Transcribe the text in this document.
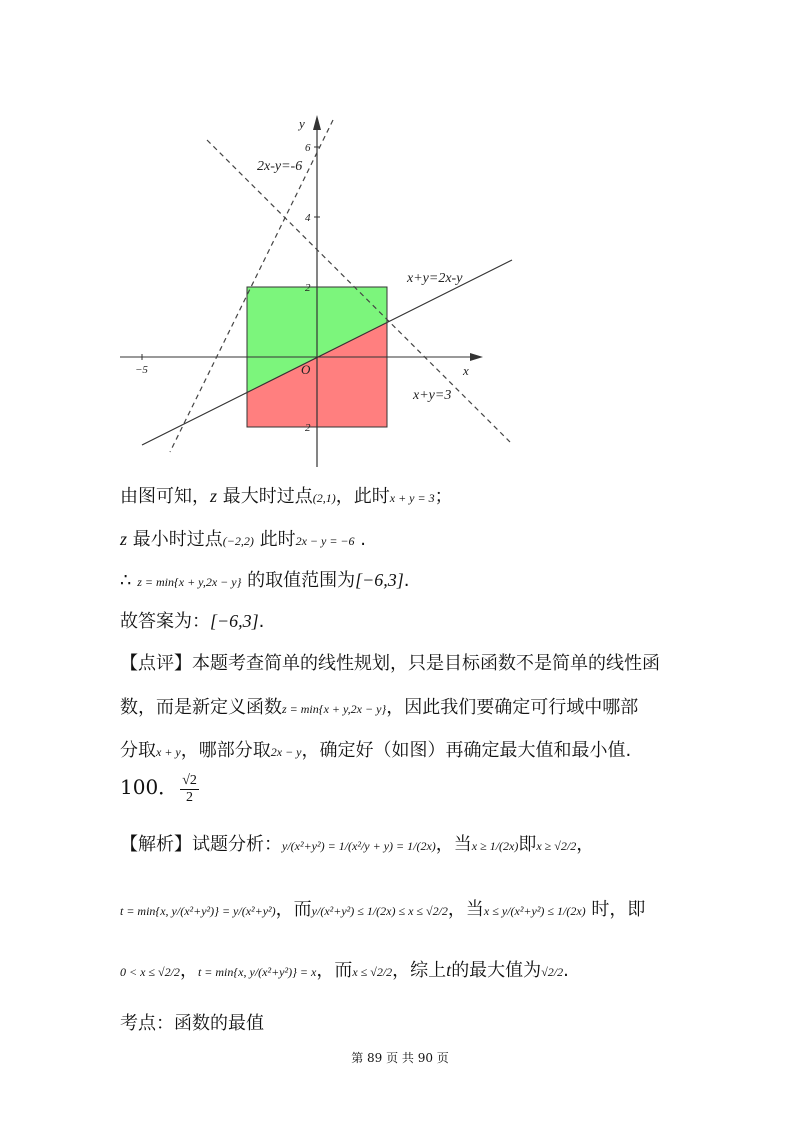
x
y
O
−5
6
4
2
2
2x-y=-6
x+y=2x-y
x+y=3
由图可知，z 最大时过点(2,1)，此时x + y = 3；
z 最小时过点(−2,2) 此时2x − y = −6 .
∴ z = min{x + y,2x − y} 的取值范围为[−6,3].
故答案为：[−6,3].
【点评】本题考查简单的线性规划，只是目标函数不是简单的线性函
数，而是新定义函数z = min{x + y,2x − y}，因此我们要确定可行域中哪部
分取x + y，哪部分取2x − y，确定好（如图）再确定最大值和最小值.
100． $\frac{√2}{2}$
【解析】试题分析：y/(x²+y²) = 1/(x²/y + y) = 1/(2x)，当x ≥ 1/(2x)即x ≥ √2/2，
t = min{x, y/(x²+y²)} = y/(x²+y²)，而y/(x²+y²) ≤ 1/(2x) ≤ x ≤ √2/2，当x ≤ y/(x²+y²) ≤ 1/(2x) 时，即
0 < x ≤ √2/2，t = min{x, y/(x²+y²)} = x，而x ≤ √2/2，综上t的最大值为√2/2.
考点：函数的最值
第 89 页 共 90 页
